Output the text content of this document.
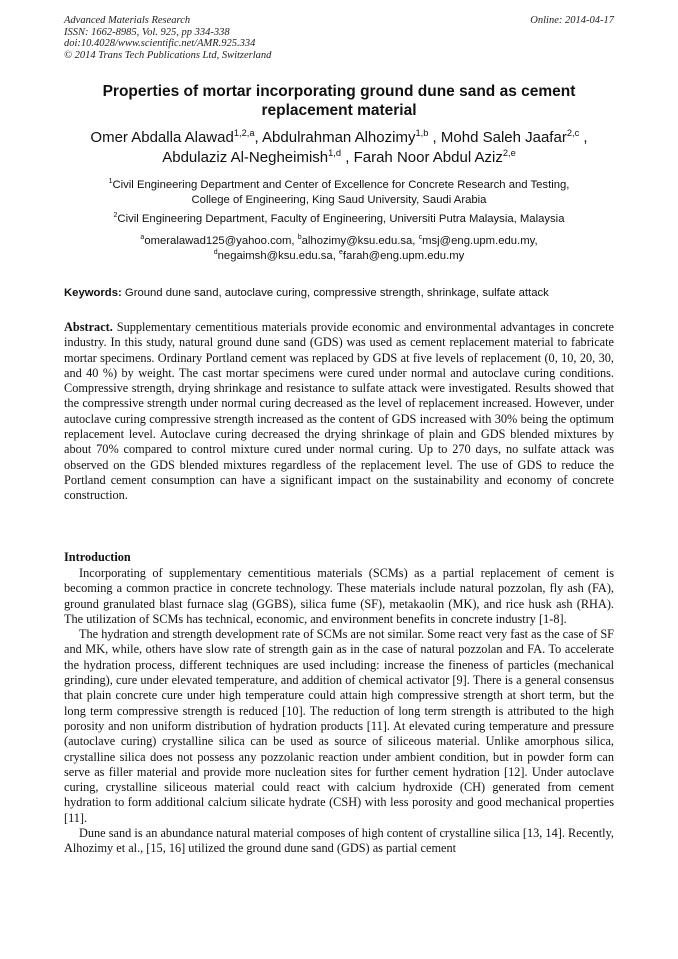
Advanced Materials Research
ISSN: 1662-8985, Vol. 925, pp 334-338
doi:10.4028/www.scientific.net/AMR.925.334
© 2014 Trans Tech Publications Ltd, Switzerland
Online: 2014-04-17
Properties of mortar incorporating ground dune sand as cement replacement material
Omer Abdalla Alawad$^{1,2,a}$, Abdulrahman Alhozimy$^{1,b}$ , Mohd Saleh Jaafar$^{2,c}$ ,
Abdulaziz Al-Negheimish$^{1,d}$ , Farah Noor Abdul Aziz$^{2,e}$
$^1$Civil Engineering Department and Center of Excellence for Concrete Research and Testing,
College of Engineering, King Saud University, Saudi Arabia
$^2$Civil Engineering Department, Faculty of Engineering, Universiti Putra Malaysia, Malaysia
$^a$omeralawad125@yahoo.com, $^b$alhozimy@ksu.edu.sa, $^c$msj@eng.upm.edu.my,
$^d$negaimsh@ksu.edu.sa, $^e$farah@eng.upm.edu.my
Keywords: Ground dune sand, autoclave curing, compressive strength, shrinkage, sulfate attack
Abstract. Supplementary cementitious materials provide economic and environmental advantages in concrete industry. In this study, natural ground dune sand (GDS) was used as cement replacement material to fabricate mortar specimens. Ordinary Portland cement was replaced by GDS at five levels of replacement (0, 10, 20, 30, and 40 %) by weight. The cast mortar specimens were cured under normal and autoclave curing conditions. Compressive strength, drying shrinkage and resistance to sulfate attack were investigated. Results showed that the compressive strength under normal curing decreased as the level of replacement increased. However, under autoclave curing compressive strength increased as the content of GDS increased with 30% being the optimum replacement level. Autoclave curing decreased the drying shrinkage of plain and GDS blended mixtures by about 70% compared to control mixture cured under normal curing. Up to 270 days, no sulfate attack was observed on the GDS blended mixtures regardless of the replacement level. The use of GDS to reduce the Portland cement consumption can have a significant impact on the sustainability and economy of concrete construction.
Introduction

Incorporating of supplementary cementitious materials (SCMs) as a partial replacement of cement is becoming a common practice in concrete technology. These materials include natural pozzolan, fly ash (FA), ground granulated blast furnace slag (GGBS), silica fume (SF), metakaolin (MK), and rice husk ash (RHA). The utilization of SCMs has technical, economic, and environment benefits in concrete industry [1-8].

The hydration and strength development rate of SCMs are not similar. Some react very fast as the case of SF and MK, while, others have slow rate of strength gain as in the case of natural pozzolan and FA. To accelerate the hydration process, different techniques are used including: increase the fineness of particles (mechanical grinding), cure under elevated temperature, and addition of chemical activator [9]. There is a general consensus that plain concrete cure under high temperature could attain high compressive strength at short term, but the long term compressive strength is reduced [10]. The reduction of long term strength is attributed to the high porosity and non uniform distribution of hydration products [11]. At elevated curing temperature and pressure (autoclave curing) crystalline silica can be used as source of siliceous material. Unlike amorphous silica, crystalline silica does not possess any pozzolanic reaction under ambient condition, but in powder form can serve as filler material and provide more nucleation sites for further cement hydration [12]. Under autoclave curing, crystalline siliceous material could react with calcium hydroxide (CH) generated from cement hydration to form additional calcium silicate hydrate (CSH) with less porosity and good mechanical properties [11].

Dune sand is an abundance natural material composes of high content of crystalline silica [13, 14]. Recently, Alhozimy et al., [15, 16] utilized the ground dune sand (GDS) as partial cement
